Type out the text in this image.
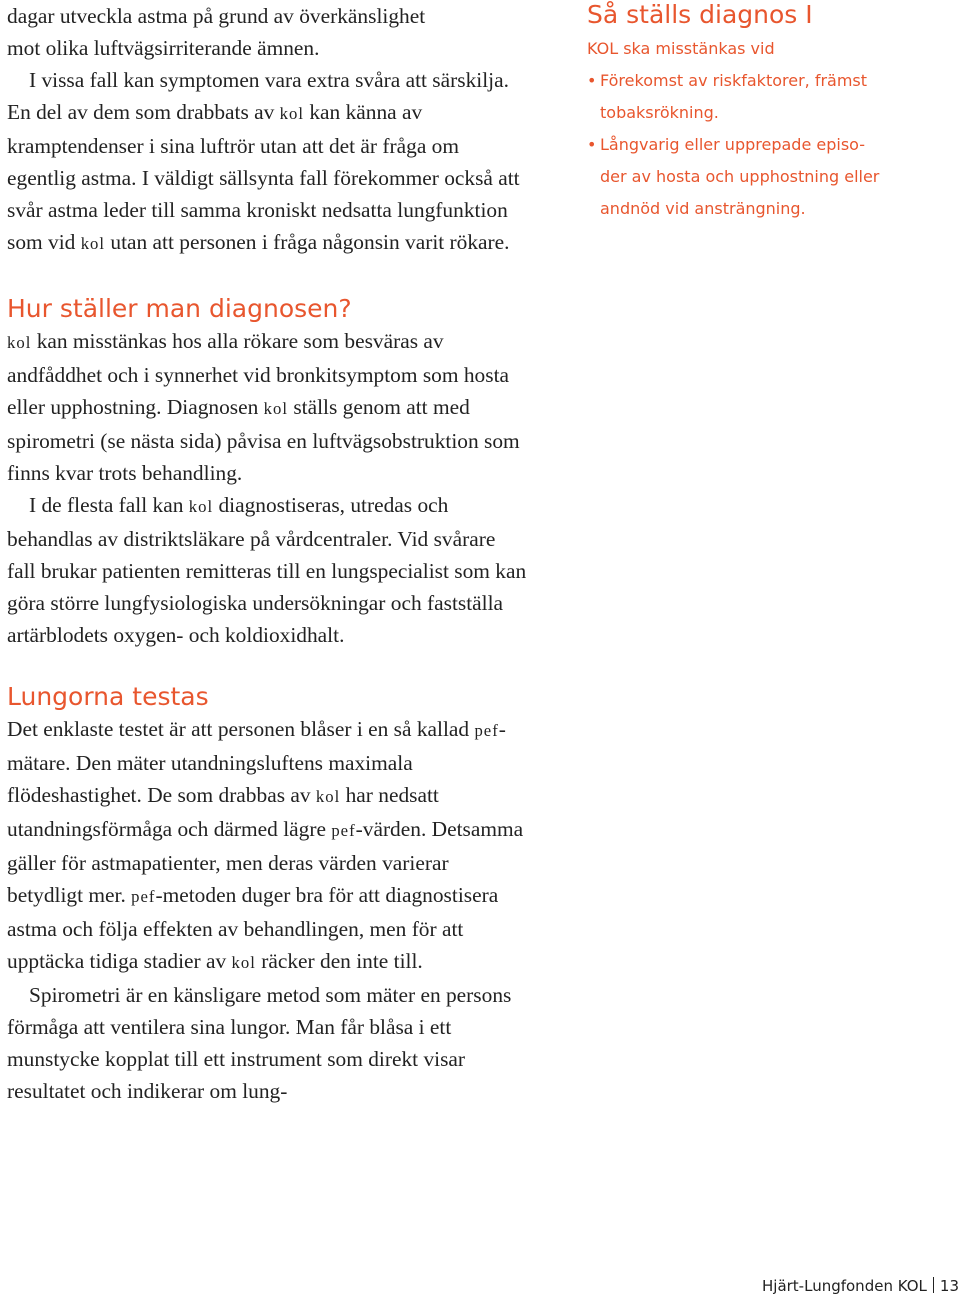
dagar utveckla astma på grund av överkänslighet

mot olika luftvägsirriterande ämnen.

I vissa fall kan symptomen vara extra svåra att särskilja. En del av dem som drabbats av kol kan känna av kramptendenser i sina luftrör utan att det är fråga om egentlig astma. I väldigt sällsynta fall förekommer också att svår astma leder till samma kroniskt nedsatta lungfunktion som vid kol utan att personen i fråga någonsin varit rökare.

Hur ställer man diagnosen?

kol kan misstänkas hos alla rökare som besväras av andfåddhet och i synnerhet vid bronkitsymptom som hosta eller upphostning. Diagnosen kol ställs genom att med spirometri (se nästa sida) påvisa en luftvägsobstruktion som finns kvar trots behandling.

I de flesta fall kan kol diagnostiseras, utredas och behandlas av distriktsläkare på vårdcentraler. Vid svårare fall brukar patienten remitteras till en lungspecialist som kan göra större lungfysiologiska undersökningar och fastställa artärblodets oxygen- och koldioxidhalt.

Lungorna testas

Det enklaste testet är att personen blåser i en så kallad pef-mätare. Den mäter utandningsluftens maximala flödeshastighet. De som drabbas av kol har nedsatt utandningsförmåga och därmed lägre pef-värden. Detsamma gäller för astmapatienter, men deras värden varierar betydligt mer. pef-metoden duger bra för att diagnostisera astma och följa effekten av behandlingen, men för att upptäcka tidiga stadier av kol räcker den inte till.

Spirometri är en känsligare metod som mäter en persons förmåga att ventilera sina lungor. Man får blåsa i ett munstycke kopplat till ett instrument som direkt visar resultatet och indikerar om lung-

Så ställs diagnos I

KOL ska misstänkas vid

• Förekomst av riskfaktorer, främst
tobaksrökning.
• Långvarig eller upprepade episo-
der av hosta och upphostning eller
andnöd vid ansträngning.
Hjärt-Lungfonden KOL 13
